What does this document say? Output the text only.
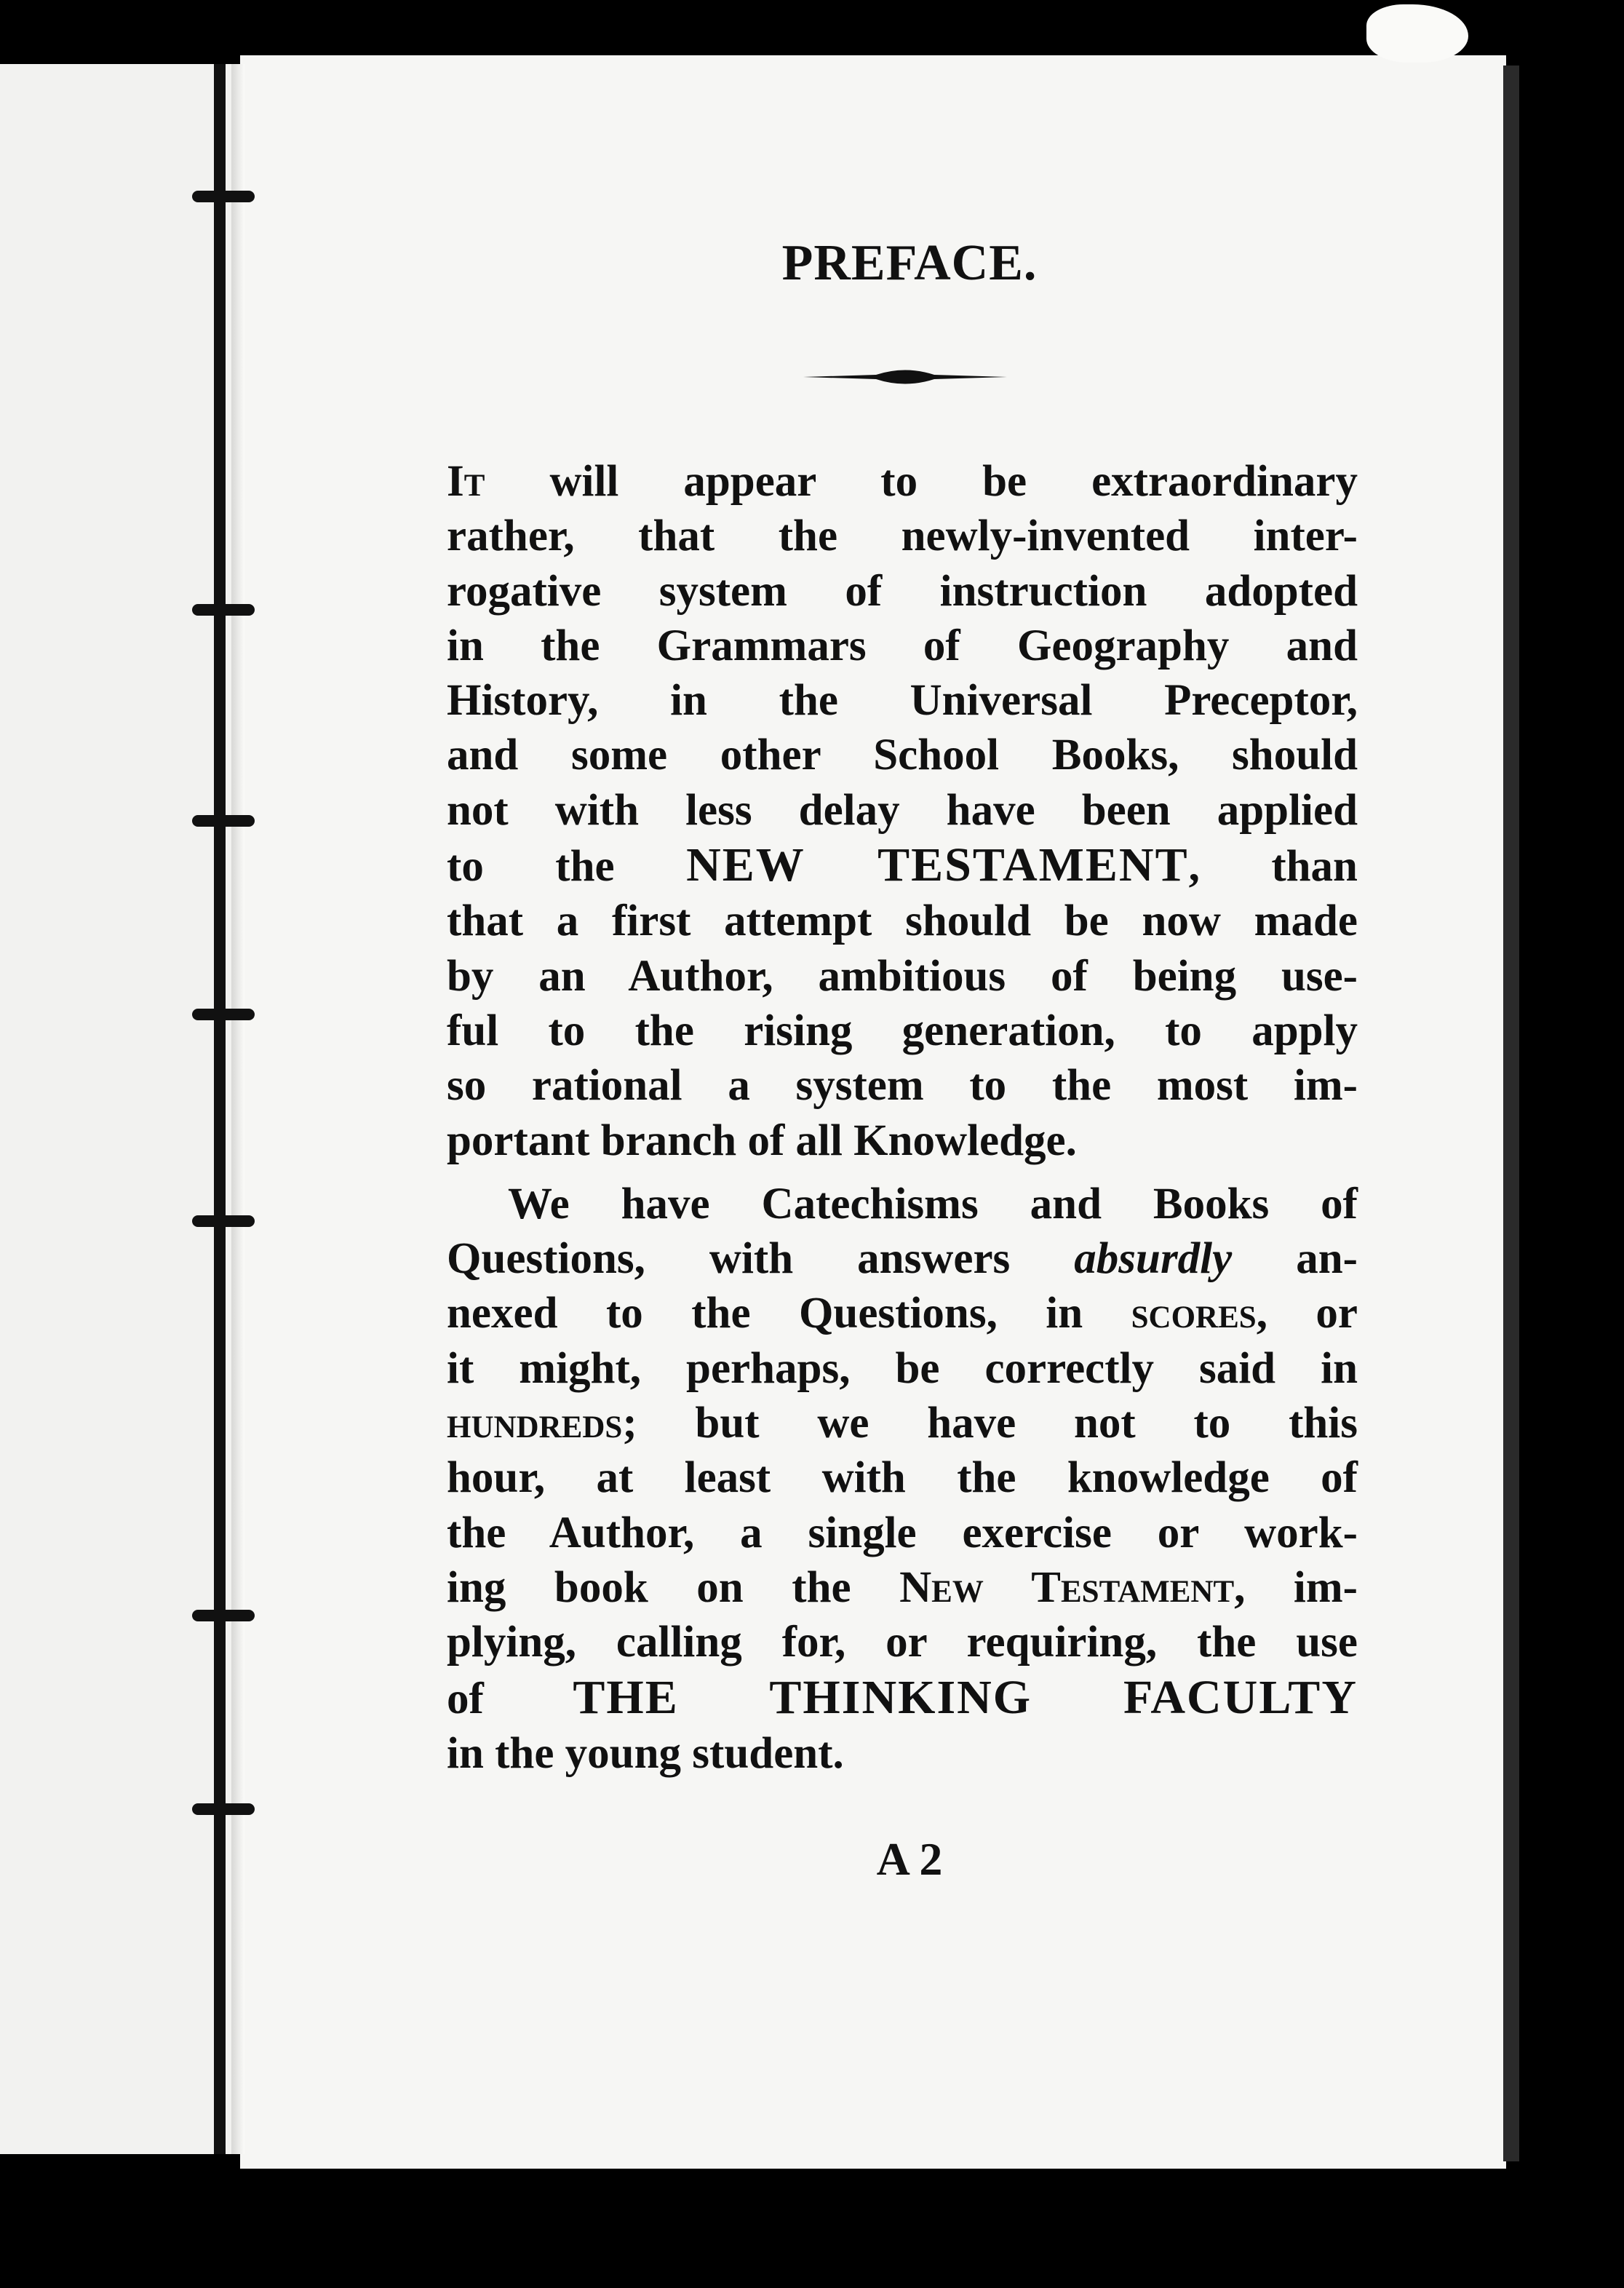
PREFACE.
It will appear to be extraordinary
rather, that the newly-invented inter-
rogative system of instruction adopted
in the Grammars of Geography and
History, in the Universal Preceptor,
and some other School Books, should
not with less delay have been applied
to the NEW TESTAMENT, than
that a first attempt should be now made
by an Author, ambitious of being use-
ful to the rising generation, to apply
so rational a system to the most im-
portant branch of all Knowledge.
We have Catechisms and Books of
Questions, with answers absurdly an-
nexed to the Questions, in scores, or
it might, perhaps, be correctly said in
hundreds; but we have not to this
hour, at least with the knowledge of
the Author, a single exercise or work-
ing book on the New Testament, im-
plying, calling for, or requiring, the use
of THE THINKING FACULTY
in the young student.
A 2
